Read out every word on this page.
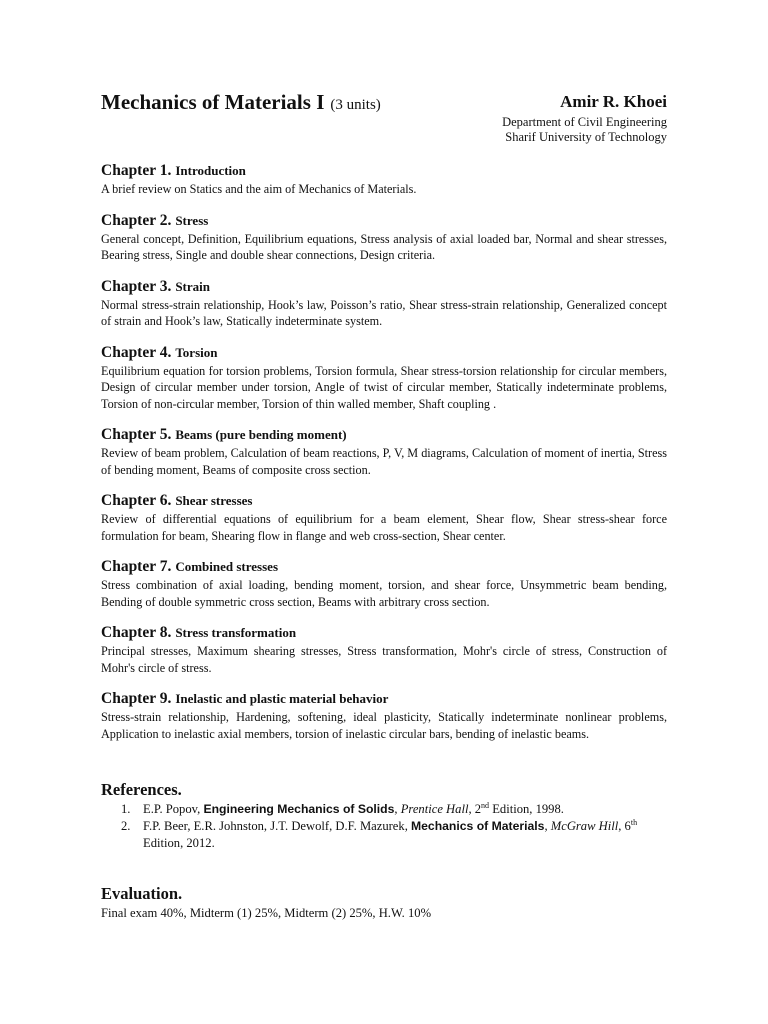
Mechanics of Materials I (3 units)	Amir R. Khoei
Department of Civil Engineering
Sharif University of Technology
Chapter 1. Introduction
A brief review on Statics and the aim of Mechanics of Materials.
Chapter 2. Stress
General concept, Definition, Equilibrium equations, Stress analysis of axial loaded bar, Normal and shear stresses, Bearing stress, Single and double shear connections, Design criteria.
Chapter 3. Strain
Normal stress-strain relationship, Hook’s law, Poisson’s ratio, Shear stress-strain relationship, Generalized concept of strain and Hook’s law, Statically indeterminate system.
Chapter 4. Torsion
Equilibrium equation for torsion problems, Torsion formula, Shear stress-torsion relationship for circular members, Design of circular member under torsion, Angle of twist of circular member, Statically indeterminate problems, Torsion of non-circular member, Torsion of thin walled member, Shaft coupling .
Chapter 5. Beams (pure bending moment)
Review of beam problem, Calculation of beam reactions, P, V, M diagrams, Calculation of moment of inertia, Stress of bending moment, Beams of composite cross section.
Chapter 6. Shear stresses
Review of differential equations of equilibrium for a beam element, Shear flow, Shear stress-shear force formulation for beam, Shearing flow in flange and web cross-section, Shear center.
Chapter 7. Combined stresses
Stress combination of axial loading, bending moment, torsion, and shear force, Unsymmetric beam bending, Bending of double symmetric cross section, Beams with arbitrary cross section.
Chapter 8. Stress transformation
Principal stresses, Maximum shearing stresses, Stress transformation, Mohr's circle of stress, Construction of Mohr's circle of stress.
Chapter 9. Inelastic and plastic material behavior
Stress-strain relationship, Hardening, softening, ideal plasticity, Statically indeterminate nonlinear problems, Application to inelastic axial members, torsion of inelastic circular bars, bending of inelastic beams.
References.
1. E.P. Popov, Engineering Mechanics of Solids, Prentice Hall, 2nd Edition, 1998.
2. F.P. Beer, E.R. Johnston, J.T. Dewolf, D.F. Mazurek, Mechanics of Materials, McGraw Hill, 6th Edition, 2012.
Evaluation.
Final exam 40%, Midterm (1) 25%, Midterm (2) 25%, H.W. 10%
